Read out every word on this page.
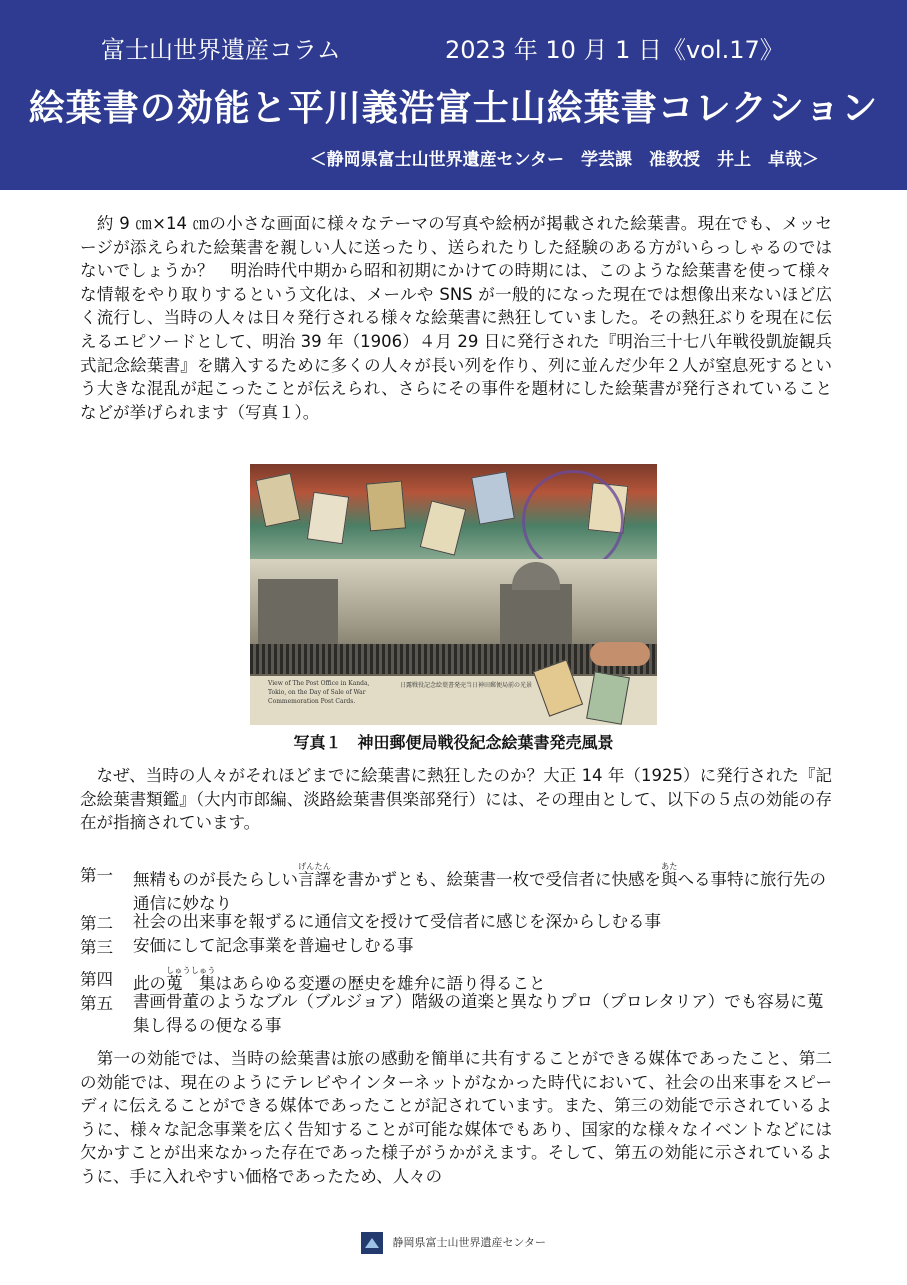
富士山世界遺産コラム	2023 年 10 月 1 日《vol.17》
絵葉書の効能と平川義浩富士山絵葉書コレクション
＜静岡県富士山世界遺産センター　学芸課　准教授　井上　卓哉＞
　約 9 ㎝×14 ㎝の小さな画面に様々なテーマの写真や絵柄が掲載された絵葉書。現在でも、メッセージが添えられた絵葉書を親しい人に送ったり、送られたりした経験のある方がいらっしゃるのではないでしょうか？　明治時代中期から昭和初期にかけての時期には、このような絵葉書を使って様々な情報をやり取りするという文化は、メールや SNS が一般的になった現在では想像出来ないほど広く流行し、当時の人々は日々発行される様々な絵葉書に熱狂していました。その熱狂ぶりを現在に伝えるエピソードとして、明治 39 年（1906）４月 29 日に発行された『明治三十七八年戦役凱旋観兵式記念絵葉書』を購入するために多くの人々が長い列を作り、列に並んだ少年２人が窒息死するという大きな混乱が起こったことが伝えられ、さらにその事件を題材にした絵葉書が発行されていることなどが挙げられます（写真１）。
View of The Post Office in Kanda, Tokio, on the Day of Sale of War Commemoration Post Cards.
日露戦役記念絵葉書発売当日神田郵便局前の光景
写真１　神田郵便局戦役紀念絵葉書発売風景
　なぜ、当時の人々がそれほどまでに絵葉書に熱狂したのか？大正 14 年（1925）に発行された『記念絵葉書類鑑』（大内市郎編、淡路絵葉書倶楽部発行）には、その理由として、以下の５点の効能の存在が指摘されています。
第一 無精ものが長たらしい言譯げんたんを書かずとも、絵葉書一枚で受信者に快感を與あたへる事特に旅行先の通信に妙なり
第二 社会の出来事を報ずるに通信文を授けて受信者に感じを深からしむる事
第三 安価にして記念事業を普遍せしむる事
第四 此の蒐　集しゅうしゅうはあらゆる変遷の歴史を雄弁に語り得ること
第五 書画骨董のようなブル（ブルジョア）階級の道楽と異なりプロ（プロレタリア）でも容易に蒐集し得るの便なる事
　第一の効能では、当時の絵葉書は旅の感動を簡単に共有することができる媒体であったこと、第二の効能では、現在のようにテレビやインターネットがなかった時代において、社会の出来事をスピーディに伝えることができる媒体であったことが記されています。また、第三の効能で示されているように、様々な記念事業を広く告知することが可能な媒体でもあり、国家的な様々なイベントなどには欠かすことが出来なかった存在であった様子がうかがえます。そして、第五の効能に示されているように、手に入れやすい価格であったため、人々の
静岡県富士山世界遺産センター
